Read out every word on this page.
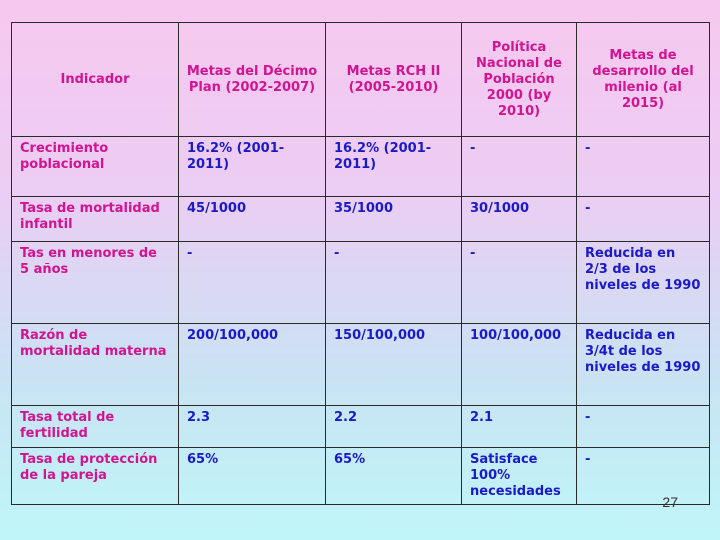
Indicador	Metas del Décimo Plan (2002-2007)	Metas RCH II (2005-2010)	Política Nacional de Población 2000 (by 2010)	Metas de desarrollo del milenio (al 2015)
Crecimiento poblacional	16.2% (2001-2011)	16.2% (2001-2011)	-	-
Tasa de mortalidad infantil	45/1000	35/1000	30/1000	-
Tas en menores de 5 años	-	-	-	Reducida en 2/3 de los niveles de 1990
Razón de mortalidad materna	200/100,000	150/100,000	100/100,000	Reducida en 3/4t de los niveles de 1990
Tasa total de fertilidad	2.3	2.2	2.1	-
Tasa de protección de la pareja	65%	65%	Satisface 100% necesidades	-
27
